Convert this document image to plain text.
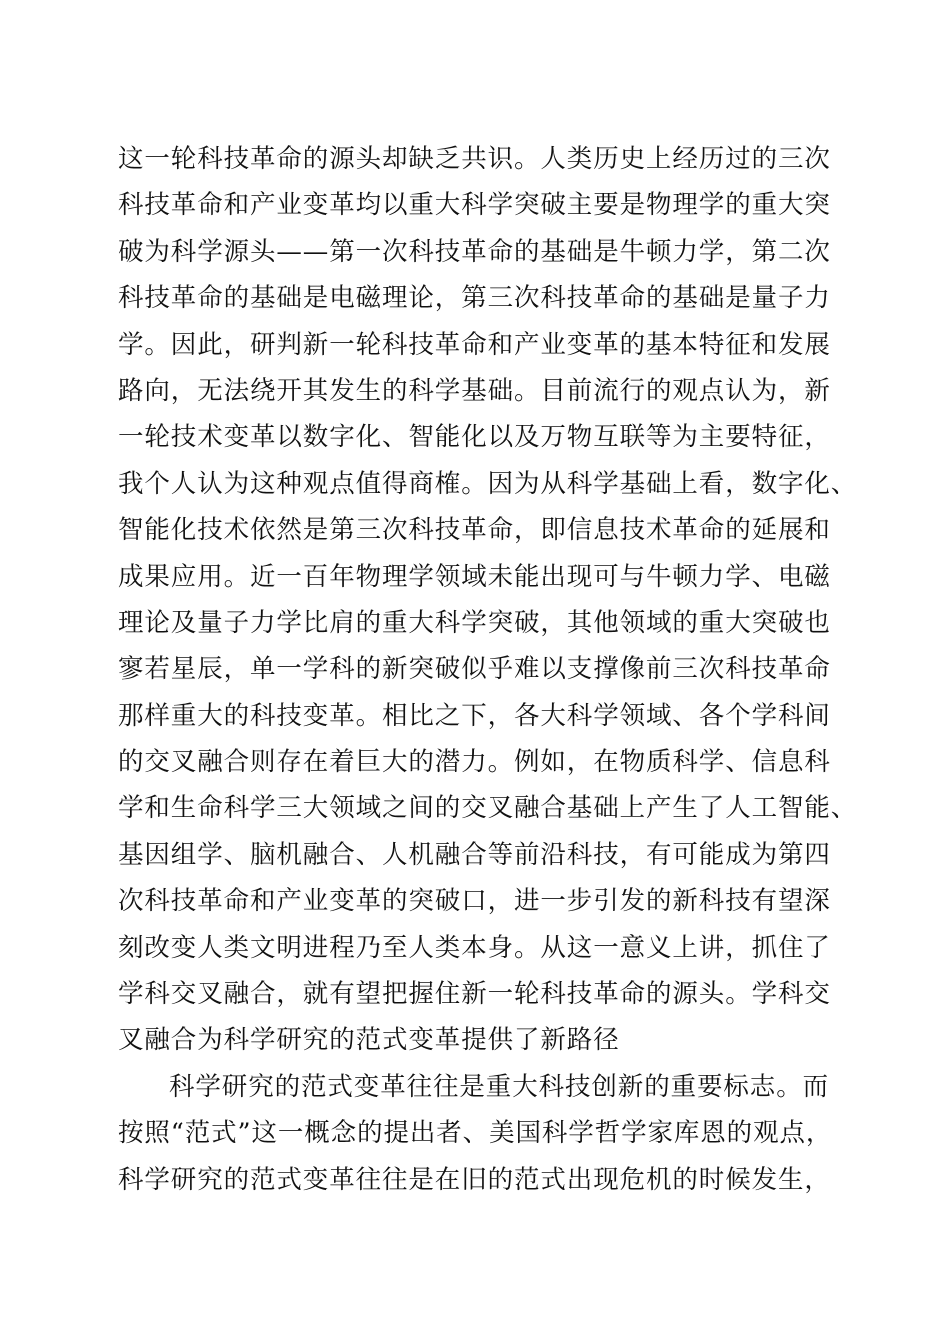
这一轮科技革命的源头却缺乏共识。人类历史上经历过的三次
科技革命和产业变革均以重大科学突破主要是物理学的重大突
破为科学源头——第一次科技革命的基础是牛顿力学，第二次
科技革命的基础是电磁理论，第三次科技革命的基础是量子力
学。因此，研判新一轮科技革命和产业变革的基本特征和发展
路向，无法绕开其发生的科学基础。目前流行的观点认为，新
一轮技术变革以数字化、智能化以及万物互联等为主要特征，
我个人认为这种观点值得商榷。因为从科学基础上看，数字化、
智能化技术依然是第三次科技革命，即信息技术革命的延展和
成果应用。近一百年物理学领域未能出现可与牛顿力学、电磁
理论及量子力学比肩的重大科学突破，其他领域的重大突破也
寥若星辰，单一学科的新突破似乎难以支撑像前三次科技革命
那样重大的科技变革。相比之下，各大科学领域、各个学科间
的交叉融合则存在着巨大的潜力。例如，在物质科学、信息科
学和生命科学三大领域之间的交叉融合基础上产生了人工智能、
基因组学、脑机融合、人机融合等前沿科技，有可能成为第四
次科技革命和产业变革的突破口，进一步引发的新科技有望深
刻改变人类文明进程乃至人类本身。从这一意义上讲，抓住了
学科交叉融合，就有望把握住新一轮科技革命的源头。学科交
叉融合为科学研究的范式变革提供了新路径
科学研究的范式变革往往是重大科技创新的重要标志。而
按照“范式”这一概念的提出者、美国科学哲学家库恩的观点，
科学研究的范式变革往往是在旧的范式出现危机的时候发生，
